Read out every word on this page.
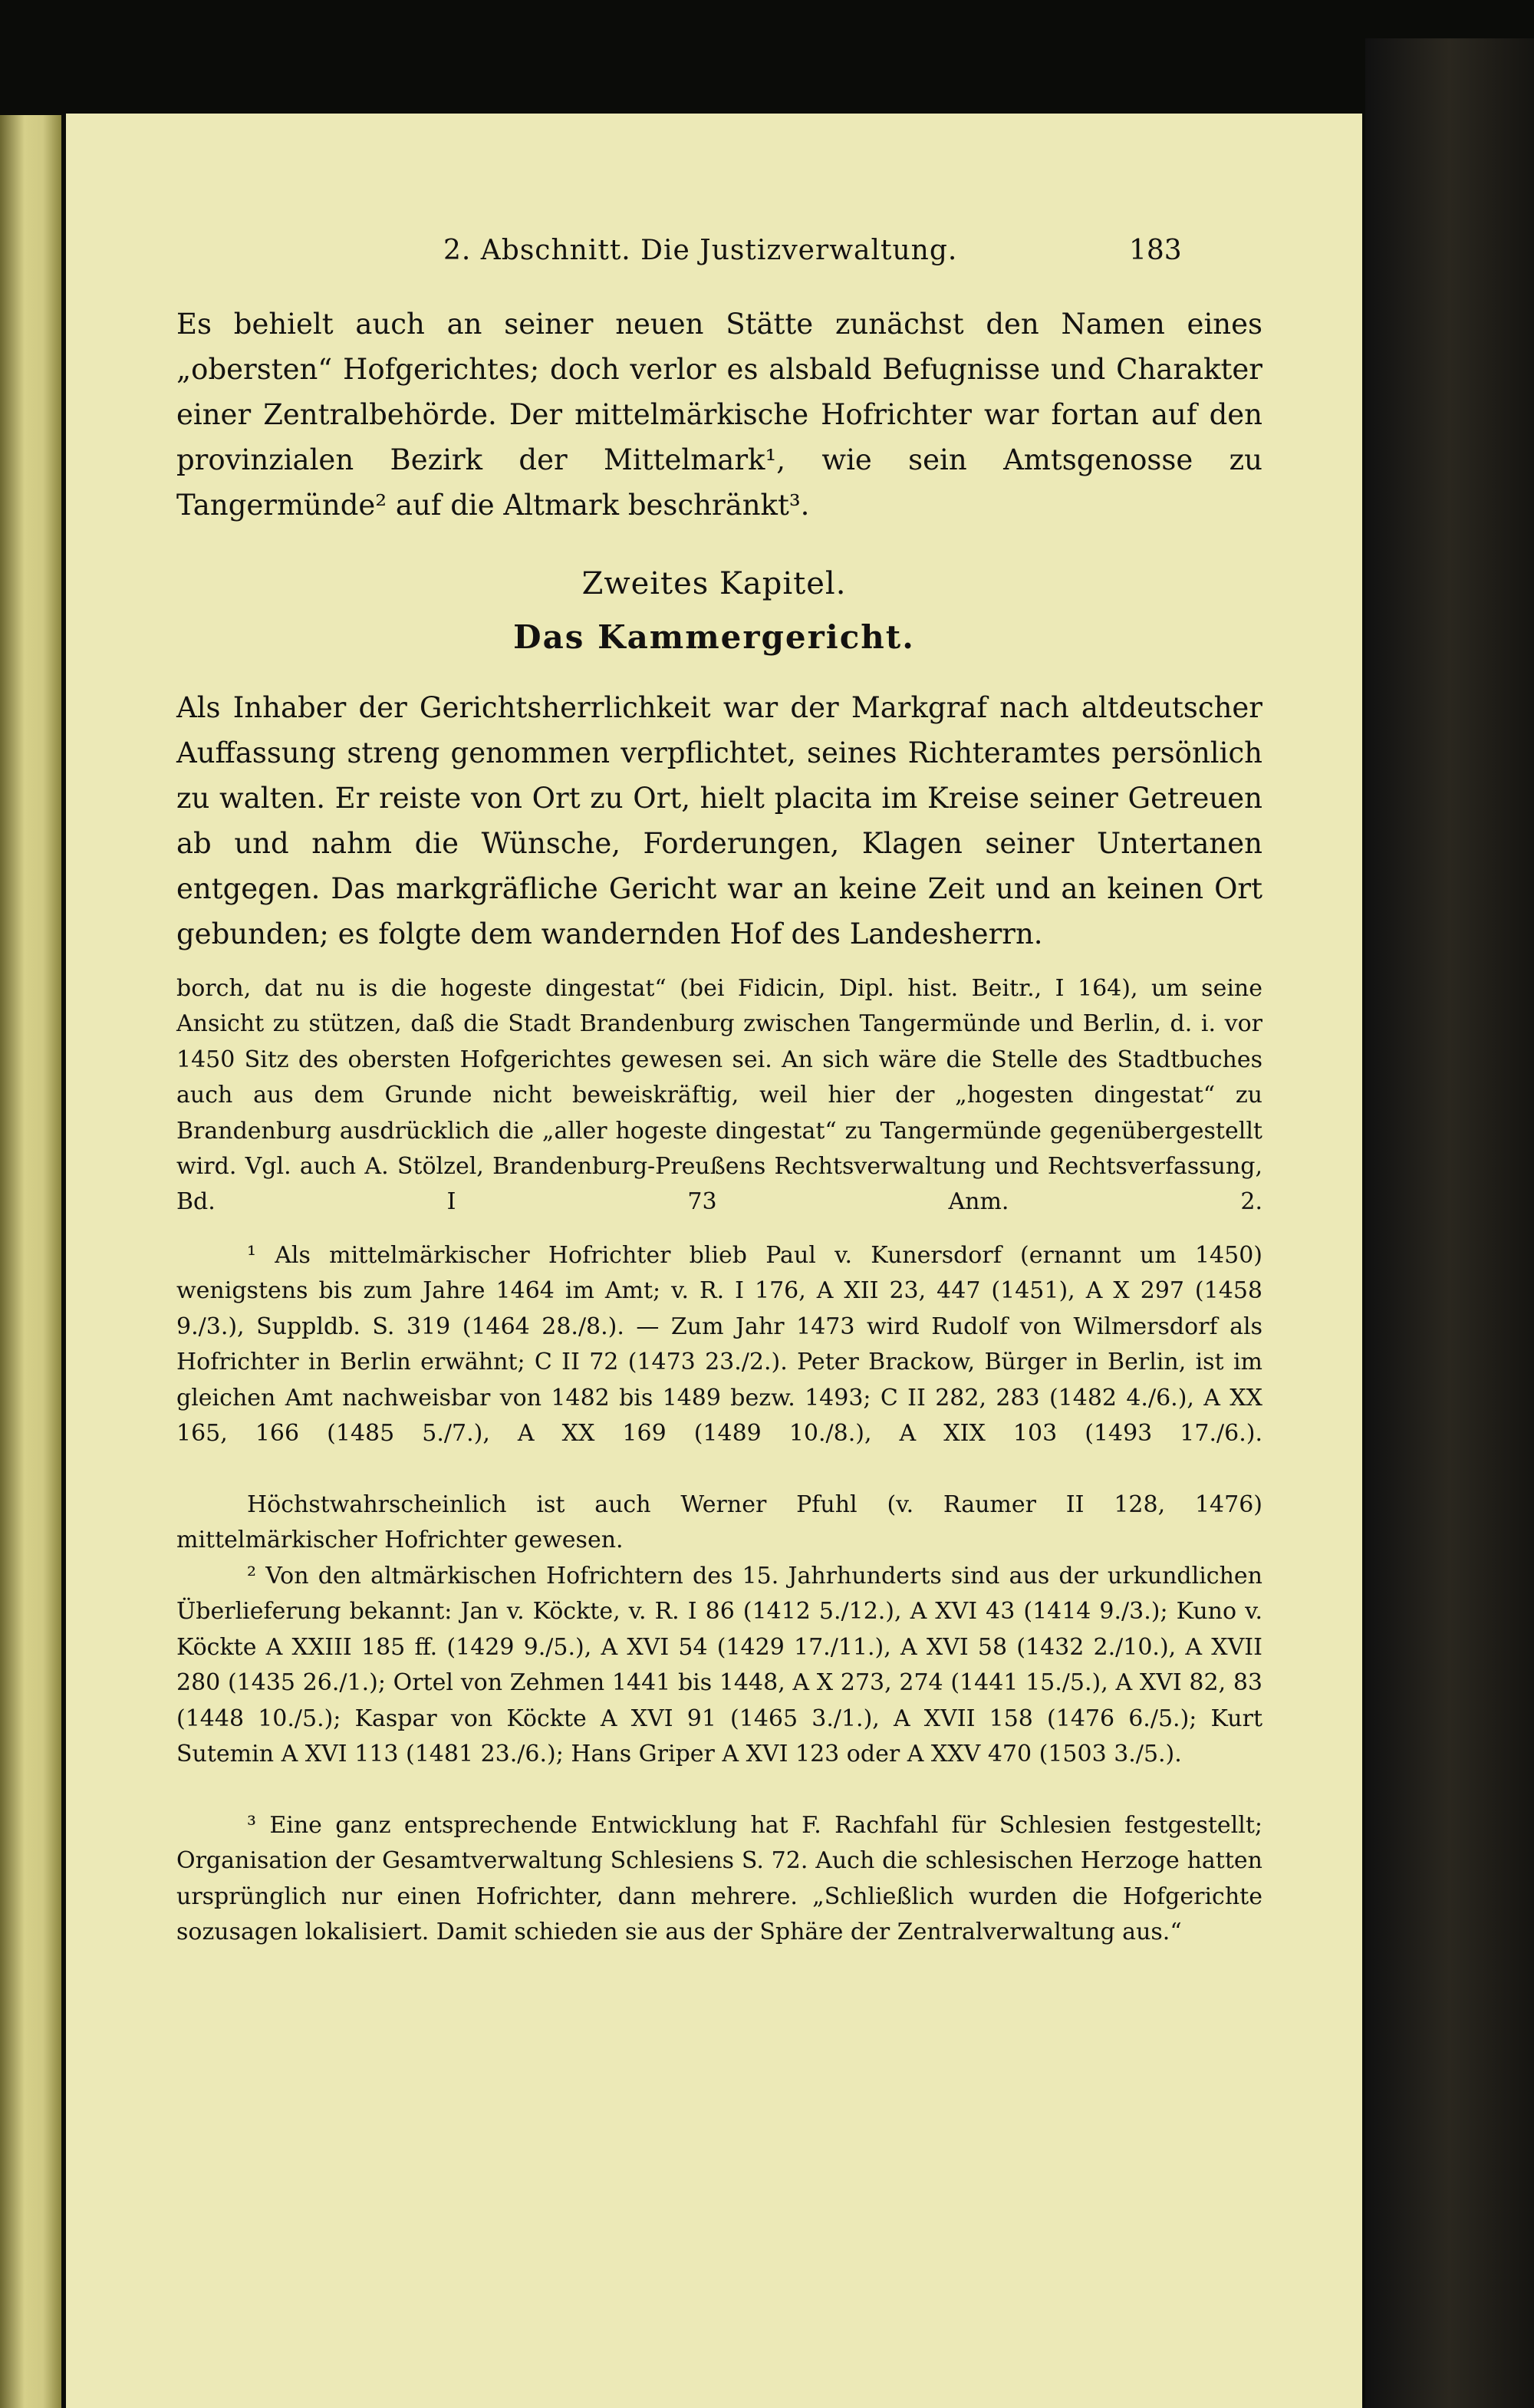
2. Abschnitt. Die Justizverwaltung.	183

Es behielt auch an seiner neuen Stätte zunächst den Namen eines „obersten“ Hofgerichtes; doch verlor es alsbald Befugnisse und Charakter einer Zentralbehörde. Der mittelmärkische Hofrichter war fortan auf den provinzialen Bezirk der Mittelmark¹, wie sein Amtsgenosse zu Tangermünde² auf die Altmark beschränkt³.

Zweites Kapitel.
Das Kammergericht.

Als Inhaber der Gerichtsherrlichkeit war der Markgraf nach altdeutscher Auffassung streng genommen verpflichtet, seines Richteramtes persönlich zu walten. Er reiste von Ort zu Ort, hielt placita im Kreise seiner Getreuen ab und nahm die Wünsche, Forderungen, Klagen seiner Untertanen entgegen. Das markgräfliche Gericht war an keine Zeit und an keinen Ort gebunden; es folgte dem wandernden Hof des Landesherrn.

borch, dat nu is die hogeste dingestat“ (bei Fidicin, Dipl. hist. Beitr., I 164), um seine Ansicht zu stützen, daß die Stadt Brandenburg zwischen Tangermünde und Berlin, d. i. vor 1450 Sitz des obersten Hofgerichtes gewesen sei. An sich wäre die Stelle des Stadtbuches auch aus dem Grunde nicht beweiskräftig, weil hier der „hogesten dingestat“ zu Brandenburg ausdrücklich die „aller hogeste dingestat“ zu Tangermünde gegenübergestellt wird. Vgl. auch A. Stölzel, Brandenburg-Preußens Rechtsverwaltung und Rechtsverfassung, Bd. I 73 Anm. 2.

¹ Als mittelmärkischer Hofrichter blieb Paul v. Kunersdorf (ernannt um 1450) wenigstens bis zum Jahre 1464 im Amt; v. R. I 176, A XII 23, 447 (1451), A X 297 (1458 9./3.), Suppldb. S. 319 (1464 28./8.). — Zum Jahr 1473 wird Rudolf von Wilmersdorf als Hofrichter in Berlin erwähnt; C II 72 (1473 23./2.). Peter Brackow, Bürger in Berlin, ist im gleichen Amt nachweisbar von 1482 bis 1489 bezw. 1493; C II 282, 283 (1482 4./6.), A XX 165, 166 (1485 5./7.), A XX 169 (1489 10./8.), A XIX 103 (1493 17./6.).

Höchstwahrscheinlich ist auch Werner Pfuhl (v. Raumer II 128, 1476) mittelmärkischer Hofrichter gewesen.

² Von den altmärkischen Hofrichtern des 15. Jahrhunderts sind aus der urkundlichen Überlieferung bekannt: Jan v. Köckte, v. R. I 86 (1412 5./12.), A XVI 43 (1414 9./3.); Kuno v. Köckte A XXIII 185 ff. (1429 9./5.), A XVI 54 (1429 17./11.), A XVI 58 (1432 2./10.), A XVII 280 (1435 26./1.); Ortel von Zehmen 1441 bis 1448, A X 273, 274 (1441 15./5.), A XVI 82, 83 (1448 10./5.); Kaspar von Köckte A XVI 91 (1465 3./1.), A XVII 158 (1476 6./5.); Kurt Sutemin A XVI 113 (1481 23./6.); Hans Griper A XVI 123 oder A XXV 470 (1503 3./5.).

³ Eine ganz entsprechende Entwicklung hat F. Rachfahl für Schlesien festgestellt; Organisation der Gesamtverwaltung Schlesiens S. 72. Auch die schlesischen Herzoge hatten ursprünglich nur einen Hofrichter, dann mehrere. „Schließlich wurden die Hofgerichte sozusagen lokalisiert. Damit schieden sie aus der Sphäre der Zentralverwaltung aus.“
